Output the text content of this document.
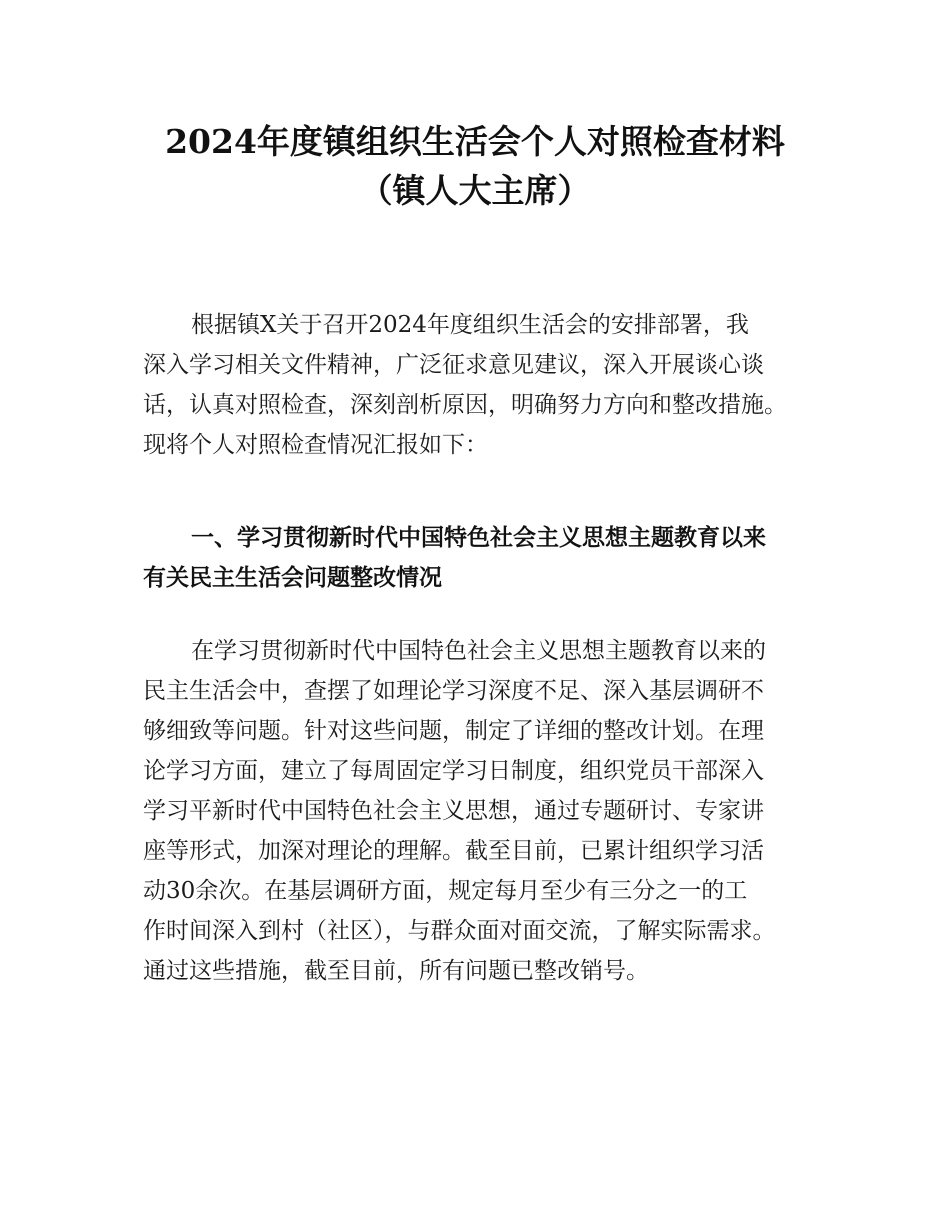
2024年度镇组织生活会个人对照检查材料
（镇人大主席）

根据镇X关于召开2024年度组织生活会的安排部署，我
深入学习相关文件精神，广泛征求意见建议，深入开展谈心谈
话，认真对照检查，深刻剖析原因，明确努力方向和整改措施。
现将个人对照检查情况汇报如下：

一、学习贯彻新时代中国特色社会主义思想主题教育以来
有关民主生活会问题整改情况

在学习贯彻新时代中国特色社会主义思想主题教育以来的
民主生活会中，查摆了如理论学习深度不足、深入基层调研不
够细致等问题。针对这些问题，制定了详细的整改计划。在理
论学习方面，建立了每周固定学习日制度，组织党员干部深入
学习平新时代中国特色社会主义思想，通过专题研讨、专家讲
座等形式，加深对理论的理解。截至目前，已累计组织学习活
动30余次。在基层调研方面，规定每月至少有三分之一的工
作时间深入到村（社区），与群众面对面交流，了解实际需求。
通过这些措施，截至目前，所有问题已整改销号。
